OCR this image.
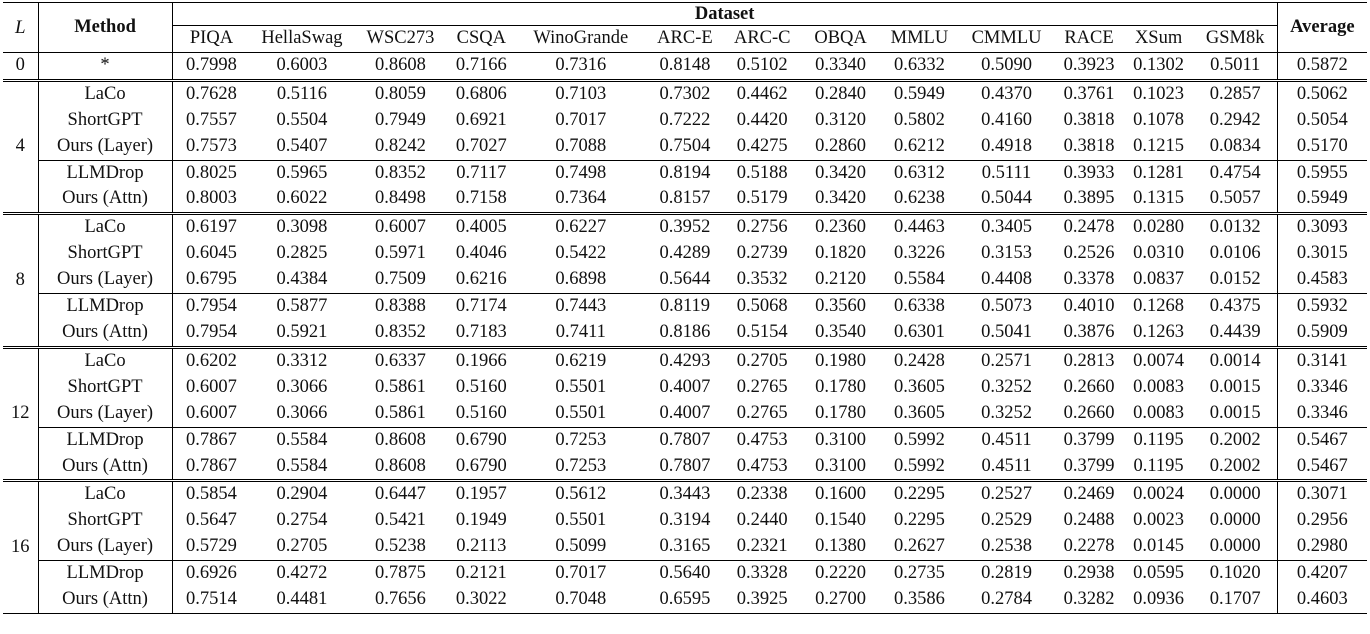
L	Method	Dataset													Average
		PIQA	HellaSwag	WSC273	CSQA	WinoGrande	ARC-E	ARC-C	OBQA	MMLU	CMMLU	RACE	XSum	GSM8k	
0	*	0.7998	0.6003	0.8608	0.7166	0.7316	0.8148	0.5102	0.3340	0.6332	0.5090	0.3923	0.1302	0.5011	0.5872
4	LaCo	0.7628	0.5116	0.8059	0.6806	0.7103	0.7302	0.4462	0.2840	0.5949	0.4370	0.3761	0.1023	0.2857	0.5062
	ShortGPT	0.7557	0.5504	0.7949	0.6921	0.7017	0.7222	0.4420	0.3120	0.5802	0.4160	0.3818	0.1078	0.2942	0.5054
	Ours (Layer)	0.7573	0.5407	0.8242	0.7027	0.7088	0.7504	0.4275	0.2860	0.6212	0.4918	0.3818	0.1215	0.0834	0.5170
	LLMDrop	0.8025	0.5965	0.8352	0.7117	0.7498	0.8194	0.5188	0.3420	0.6312	0.5111	0.3933	0.1281	0.4754	0.5955
	Ours (Attn)	0.8003	0.6022	0.8498	0.7158	0.7364	0.8157	0.5179	0.3420	0.6238	0.5044	0.3895	0.1315	0.5057	0.5949
8	LaCo	0.6197	0.3098	0.6007	0.4005	0.6227	0.3952	0.2756	0.2360	0.4463	0.3405	0.2478	0.0280	0.0132	0.3093
	ShortGPT	0.6045	0.2825	0.5971	0.4046	0.5422	0.4289	0.2739	0.1820	0.3226	0.3153	0.2526	0.0310	0.0106	0.3015
	Ours (Layer)	0.6795	0.4384	0.7509	0.6216	0.6898	0.5644	0.3532	0.2120	0.5584	0.4408	0.3378	0.0837	0.0152	0.4583
	LLMDrop	0.7954	0.5877	0.8388	0.7174	0.7443	0.8119	0.5068	0.3560	0.6338	0.5073	0.4010	0.1268	0.4375	0.5932
	Ours (Attn)	0.7954	0.5921	0.8352	0.7183	0.7411	0.8186	0.5154	0.3540	0.6301	0.5041	0.3876	0.1263	0.4439	0.5909
12	LaCo	0.6202	0.3312	0.6337	0.1966	0.6219	0.4293	0.2705	0.1980	0.2428	0.2571	0.2813	0.0074	0.0014	0.3141
	ShortGPT	0.6007	0.3066	0.5861	0.5160	0.5501	0.4007	0.2765	0.1780	0.3605	0.3252	0.2660	0.0083	0.0015	0.3346
	Ours (Layer)	0.6007	0.3066	0.5861	0.5160	0.5501	0.4007	0.2765	0.1780	0.3605	0.3252	0.2660	0.0083	0.0015	0.3346
	LLMDrop	0.7867	0.5584	0.8608	0.6790	0.7253	0.7807	0.4753	0.3100	0.5992	0.4511	0.3799	0.1195	0.2002	0.5467
	Ours (Attn)	0.7867	0.5584	0.8608	0.6790	0.7253	0.7807	0.4753	0.3100	0.5992	0.4511	0.3799	0.1195	0.2002	0.5467
16	LaCo	0.5854	0.2904	0.6447	0.1957	0.5612	0.3443	0.2338	0.1600	0.2295	0.2527	0.2469	0.0024	0.0000	0.3071
	ShortGPT	0.5647	0.2754	0.5421	0.1949	0.5501	0.3194	0.2440	0.1540	0.2295	0.2529	0.2488	0.0023	0.0000	0.2956
	Ours (Layer)	0.5729	0.2705	0.5238	0.2113	0.5099	0.3165	0.2321	0.1380	0.2627	0.2538	0.2278	0.0145	0.0000	0.2980
	LLMDrop	0.6926	0.4272	0.7875	0.2121	0.7017	0.5640	0.3328	0.2220	0.2735	0.2819	0.2938	0.0595	0.1020	0.4207
	Ours (Attn)	0.7514	0.4481	0.7656	0.3022	0.7048	0.6595	0.3925	0.2700	0.3586	0.2784	0.3282	0.0936	0.1707	0.4603
